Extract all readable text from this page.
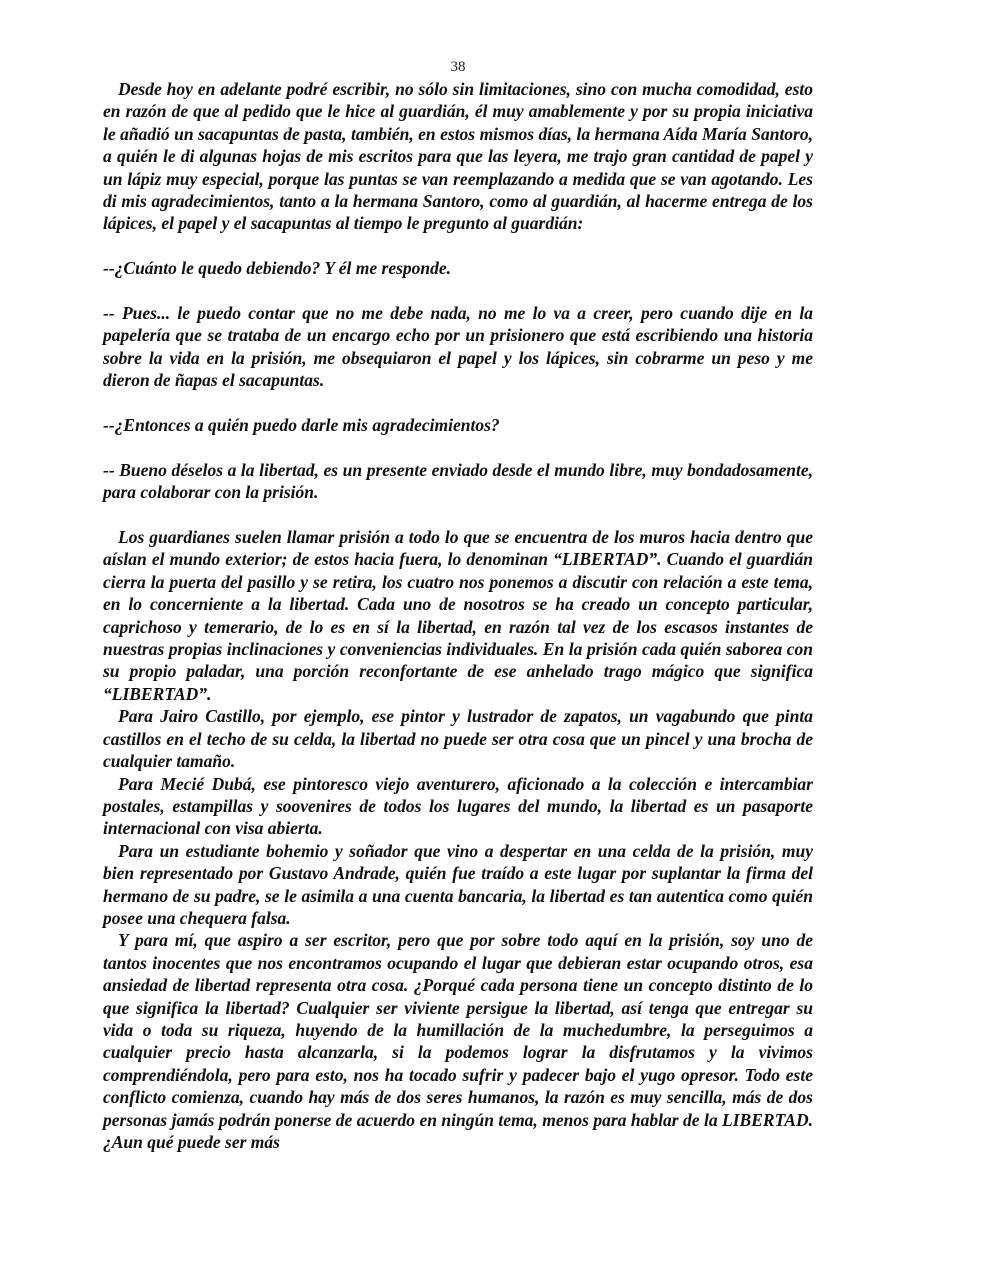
38

Desde hoy en adelante podré escribir, no sólo sin limitaciones, sino con mucha comodidad, esto en razón de que al pedido que le hice al guardián, él muy amablemente y por su propia iniciativa le añadió un sacapuntas de pasta, también, en estos mismos días, la hermana Aída María Santoro, a quién le di algunas hojas de mis escritos para que las leyera, me trajo gran cantidad de papel y un lápiz muy especial, porque las puntas se van reemplazando a medida que se van agotando. Les di mis agradecimientos, tanto a la hermana Santoro, como al guardián, al hacerme entrega de los lápices, el papel y el sacapuntas al tiempo le pregunto al guardián:

--¿Cuánto le quedo debiendo? Y él me responde.

-- Pues... le puedo contar que no me debe nada, no me lo va a creer, pero cuando dije en la papelería que se trataba de un encargo echo por un prisionero que está escribiendo una historia sobre la vida en la prisión, me obsequiaron el papel y los lápices, sin cobrarme un peso y me dieron de ñapas el sacapuntas.

--¿Entonces a quién puedo darle mis agradecimientos?

-- Bueno déselos a la libertad, es un presente enviado desde el mundo libre, muy bondadosamente, para colaborar con la prisión.

Los guardianes suelen llamar prisión a todo lo que se encuentra de los muros hacia dentro que aíslan el mundo exterior; de estos hacia fuera, lo denominan “LIBERTAD”. Cuando el guardián cierra la puerta del pasillo y se retira, los cuatro nos ponemos a discutir con relación a este tema, en lo concerniente a la libertad. Cada uno de nosotros se ha creado un concepto particular, caprichoso y temerario, de lo es en sí la libertad, en razón tal vez de los escasos instantes de nuestras propias inclinaciones y conveniencias individuales. En la prisión cada quién saborea con su propio paladar, una porción reconfortante de ese anhelado trago mágico que significa “LIBERTAD”.

Para Jairo Castillo, por ejemplo, ese pintor y lustrador de zapatos, un vagabundo que pinta castillos en el techo de su celda, la libertad no puede ser otra cosa que un pincel y una brocha de cualquier tamaño.

Para Mecié Dubá, ese pintoresco viejo aventurero, aficionado a la colección e intercambiar postales, estampillas y soovenires de todos los lugares del mundo, la libertad es un pasaporte internacional con visa abierta.

Para un estudiante bohemio y soñador que vino a despertar en una celda de la prisión, muy bien representado por Gustavo Andrade, quién fue traído a este lugar por suplantar la firma del hermano de su padre, se le asimila a una cuenta bancaria, la libertad es tan autentica como quién posee una chequera falsa.

Y para mí, que aspiro a ser escritor, pero que por sobre todo aquí en la prisión, soy uno de tantos inocentes que nos encontramos ocupando el lugar que debieran estar ocupando otros, esa ansiedad de libertad representa otra cosa. ¿Porqué cada persona tiene un concepto distinto de lo que significa la libertad? Cualquier ser viviente persigue la libertad, así tenga que entregar su vida o toda su riqueza, huyendo de la humillación de la muchedumbre, la perseguimos a cualquier precio hasta alcanzarla, si la podemos lograr la disfrutamos y la vivimos comprendiéndola, pero para esto, nos ha tocado sufrir y padecer bajo el yugo opresor. Todo este conflicto comienza, cuando hay más de dos seres humanos, la razón es muy sencilla, más de dos personas jamás podrán ponerse de acuerdo en ningún tema, menos para hablar de la LIBERTAD. ¿Aun qué puede ser más
